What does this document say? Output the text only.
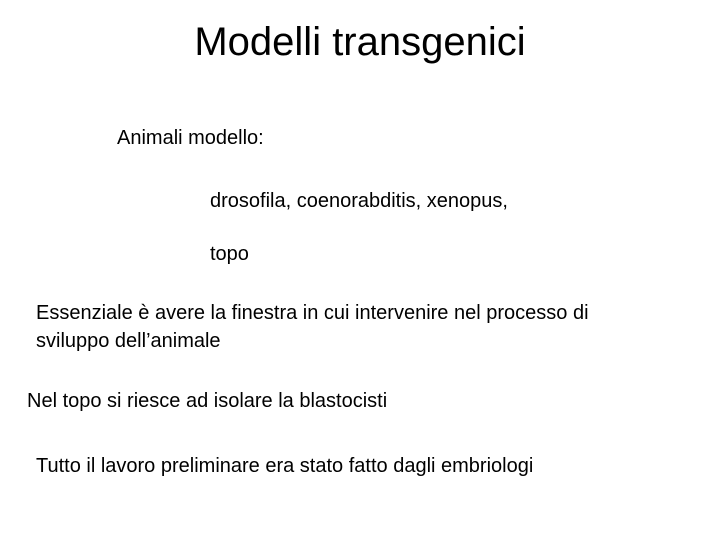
Modelli transgenici
Animali modello:
drosofila, coenorabditis, xenopus,
topo
Essenziale è avere la finestra in cui intervenire nel processo di
sviluppo dell’animale
Nel topo si riesce ad isolare la blastocisti
Tutto il lavoro preliminare era stato fatto dagli embriologi
